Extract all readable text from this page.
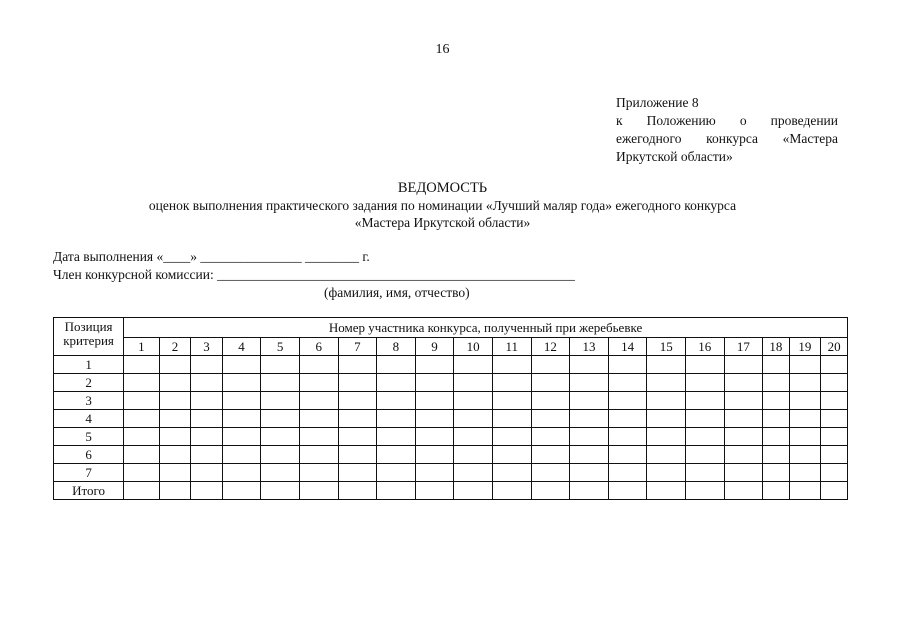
16
Приложение 8
к Положению о проведении
ежегодного конкурса «Мастера
Иркутской области»
ВЕДОМОСТЬ
оценок выполнения практического задания по номинации «Лучший маляр года» ежегодного конкурса
«Мастера Иркутской области»
Дата выполнения «____» _______________ ________ г.
Член конкурсной комиссии: _____________________________________________________
(фамилия, имя, отчество)
Позиция критерия	Номер участника конкурса, полученный при жеребьевке																			
	1	2	3	4	5	6	7	8	9	10	11	12	13	14	15	16	17	18	19	20
1																				
2																				
3																				
4																				
5																				
6																				
7																				
Итого																				
